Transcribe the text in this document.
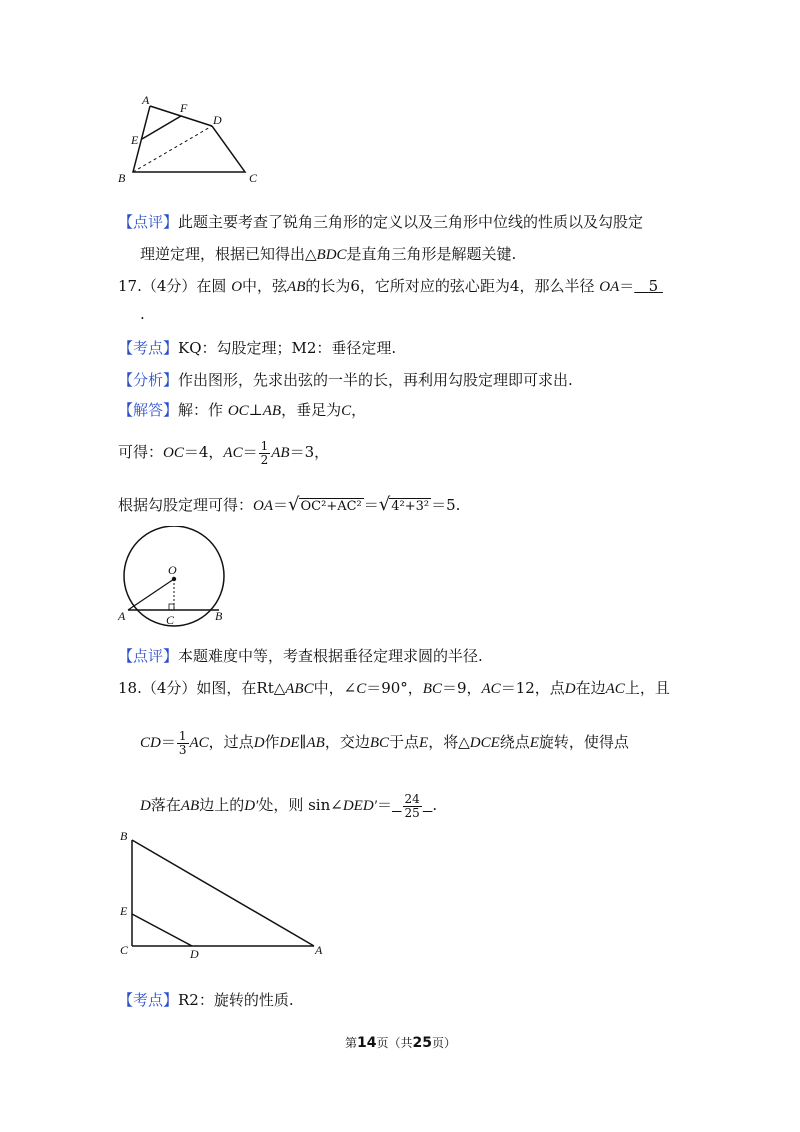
A
F
E
D
B	C
【点评】此题主要考查了锐角三角形的定义以及三角形中位线的性质以及勾股定
理逆定理，根据已知得出△BDC是直角三角形是解题关键.
17.（4分）在圆 O中，弦AB的长为6，它所对应的弦心距为4，那么半径 OA＝ 5
.
【考点】KQ：勾股定理；M2：垂径定理.
【分析】作出图形，先求出弦的一半的长，再利用勾股定理即可求出.
【解答】解：作 OC⊥AB，垂足为C，
可得：OC＝4，$AC= \frac{1}{2} AB=3$，
根据勾股定理可得：OA＝√OC²+AC² ＝√4²+3² ＝5.
O
A	B
C
【点评】本题难度中等，考查根据垂径定理求圆的半径.
18.（4分）如图，在Rt△ABC中，∠C＝90°，BC＝9，AC＝12，点D在边AC上，且
$CD= \frac{1}{3}$ AC，过点D作DE∥AB，交边BC于点E，将△DCE绕点E旋转，使得点
D落在AB边上的D′处，则 sin∠DED′＝ $\frac{24}{25}$ .
B
E
C	D	A
【考点】R2：旋转的性质.
第14页（共25页）
